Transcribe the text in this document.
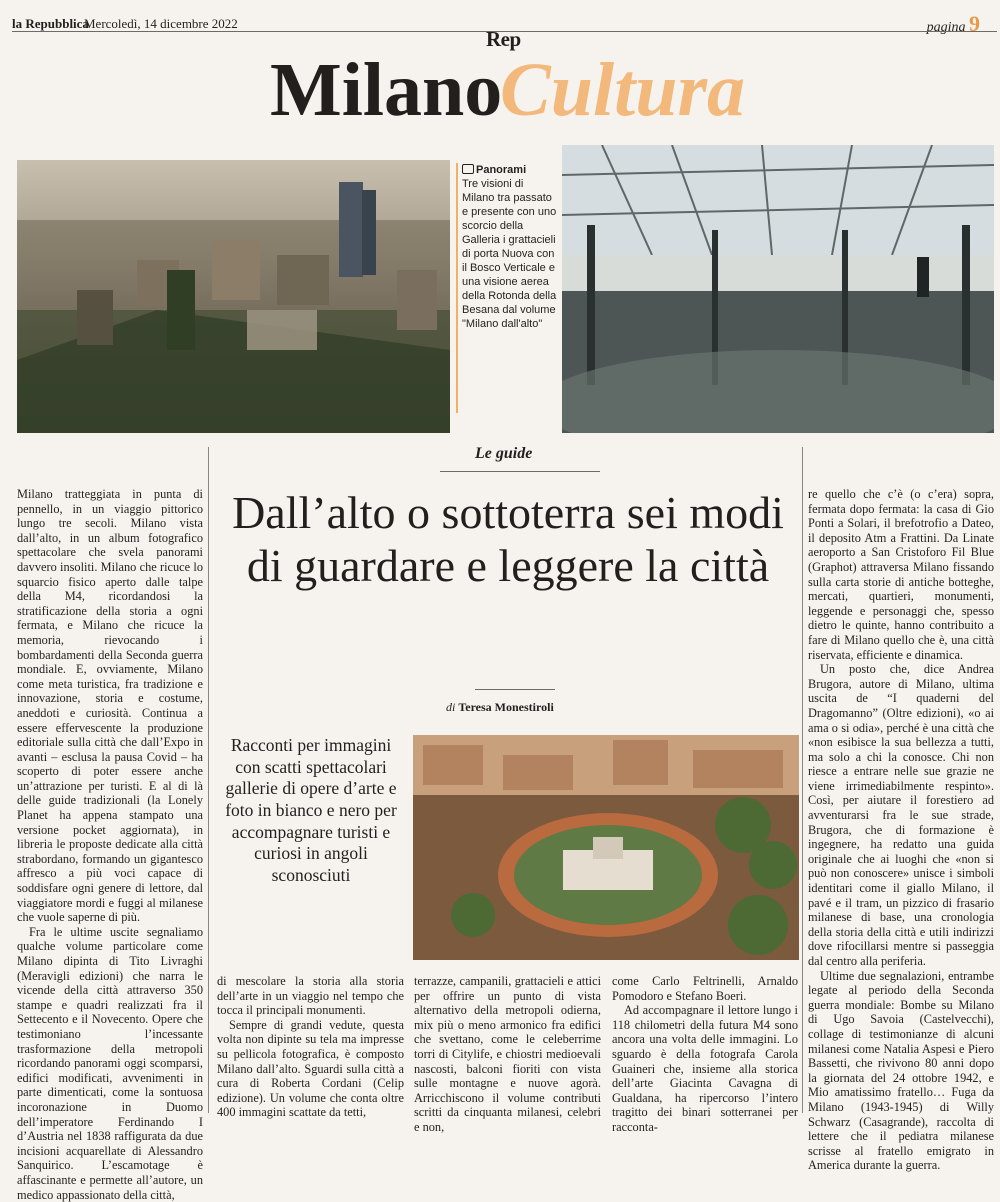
la Repubblica
Mercoledì, 14 dicembre 2022	pagina 9
Rep
Milano
Cultura
Panorami
Tre visioni di Milano tra passato e presente con uno scorcio della Galleria i grattacieli di porta Nuova con il Bosco Verticale e una visione aerea della Rotonda della Besana dal volume "Milano dall'alto"
Le guide
Dall’alto o sottoterra sei modi di guardare e leggere la città
di Teresa Monestiroli
Racconti per immagini con scatti spettacolari gallerie di opere d’arte e foto in bianco e nero per accompagnare turisti e curiosi in angoli sconosciuti

Milano tratteggiata in punta di pennello, in un viaggio pittorico lungo tre secoli. Milano vista dall’alto, in un album fotografico spettacolare che svela panorami davvero insoliti. Milano che ricuce lo squarcio fisico aperto dalle talpe della M4, ricordandosi la stratificazione della storia a ogni fermata, e Milano che ricuce la memoria, rievocando i bombardamenti della Seconda guerra mondiale. E, ovviamente, Milano come meta turistica, fra tradizione e innovazione, storia e costume, aneddoti e curiosità. Continua a essere effervescente la produzione editoriale sulla città che dall’Expo in avanti – esclusa la pausa Covid – ha scoperto di poter essere anche un’attrazione per turisti. E al di là delle guide tradizionali (la Lonely Planet ha appena stampato una versione pocket aggiornata), in libreria le proposte dedicate alla città strabordano, formando un gigantesco affresco a più voci capace di soddisfare ogni genere di lettore, dal viaggiatore mordi e fuggi al milanese che vuole saperne di più.

Fra le ultime uscite segnaliamo qualche volume particolare come Milano dipinta di Tito Livraghi (Meravigli edizioni) che narra le vicende della città attraverso 350 stampe e quadri realizzati fra il Settecento e il Novecento. Opere che testimoniano l’incessante trasformazione della metropoli ricordando panorami oggi scomparsi, edifici modificati, avvenimenti in parte dimenticati, come la sontuosa incoronazione in Duomo dell’imperatore Ferdinando I d’Austria nel 1838 raffigurata da due incisioni acquarellate di Alessandro Sanquirico. L’escamotage è affascinante e permette all’autore, un medico appassionato della città,

di mescolare la storia alla storia dell’arte in un viaggio nel tempo che tocca il principali monumenti.

Sempre di grandi vedute, questa volta non dipinte su tela ma impresse su pellicola fotografica, è composto Milano dall’alto. Sguardi sulla città a cura di Roberta Cordani (Celip edizione). Un volume che conta oltre 400 immagini scattate da tetti,

terrazze, campanili, grattacieli e attici per offrire un punto di vista alternativo della metropoli odierna, mix più o meno armonico fra edifici che svettano, come le celeberrime torri di Citylife, e chiostri medioevali nascosti, balconi fioriti con vista sulle montagne e nuove agorà. Arricchiscono il volume contributi scritti da cinquanta milanesi, celebri e non,

come Carlo Feltrinelli, Arnaldo Pomodoro e Stefano Boeri.

Ad accompagnare il lettore lungo i 118 chilometri della futura M4 sono ancora una volta delle immagini. Lo sguardo è della fotografa Carola Guaineri che, insieme alla storica dell’arte Giacinta Cavagna di Gualdana, ha ripercorso l’intero tragitto dei binari sotterranei per racconta-

re quello che c’è (o c’era) sopra, fermata dopo fermata: la casa di Gio Ponti a Solari, il brefotrofio a Dateo, il deposito Atm a Frattini. Da Linate aeroporto a San Cristoforo Fil Blue (Graphot) attraversa Milano fissando sulla carta storie di antiche botteghe, mercati, quartieri, monumenti, leggende e personaggi che, spesso dietro le quinte, hanno contribuito a fare di Milano quello che è, una città riservata, efficiente e dinamica.

Un posto che, dice Andrea Brugora, autore di Milano, ultima uscita de “I quaderni del Dragomanno” (Oltre edizioni), «o ai ama o si odia», perché è una città che «non esibisce la sua bellezza a tutti, ma solo a chi la conosce. Chi non riesce a entrare nelle sue grazie ne viene irrimediabilmente respinto». Così, per aiutare il forestiero ad avventurarsi fra le sue strade, Brugora, che di formazione è ingegnere, ha redatto una guida originale che ai luoghi che «non si può non conoscere» unisce i simboli identitari come il giallo Milano, il pavé e il tram, un pizzico di frasario milanese di base, una cronologia della storia della città e utili indirizzi dove rifocillarsi mentre si passeggia dal centro alla periferia.

Ultime due segnalazioni, entrambe legate al periodo della Seconda guerra mondiale: Bombe su Milano di Ugo Savoia (Castelvecchi), collage di testimonianze di alcuni milanesi come Natalia Aspesi e Piero Bassetti, che rivivono 80 anni dopo la giornata del 24 ottobre 1942, e Mio amatissimo fratello… Fuga da Milano (1943-1945) di Willy Schwarz (Casagrande), raccolta di lettere che il pediatra milanese scrisse al fratello emigrato in America durante la guerra.
